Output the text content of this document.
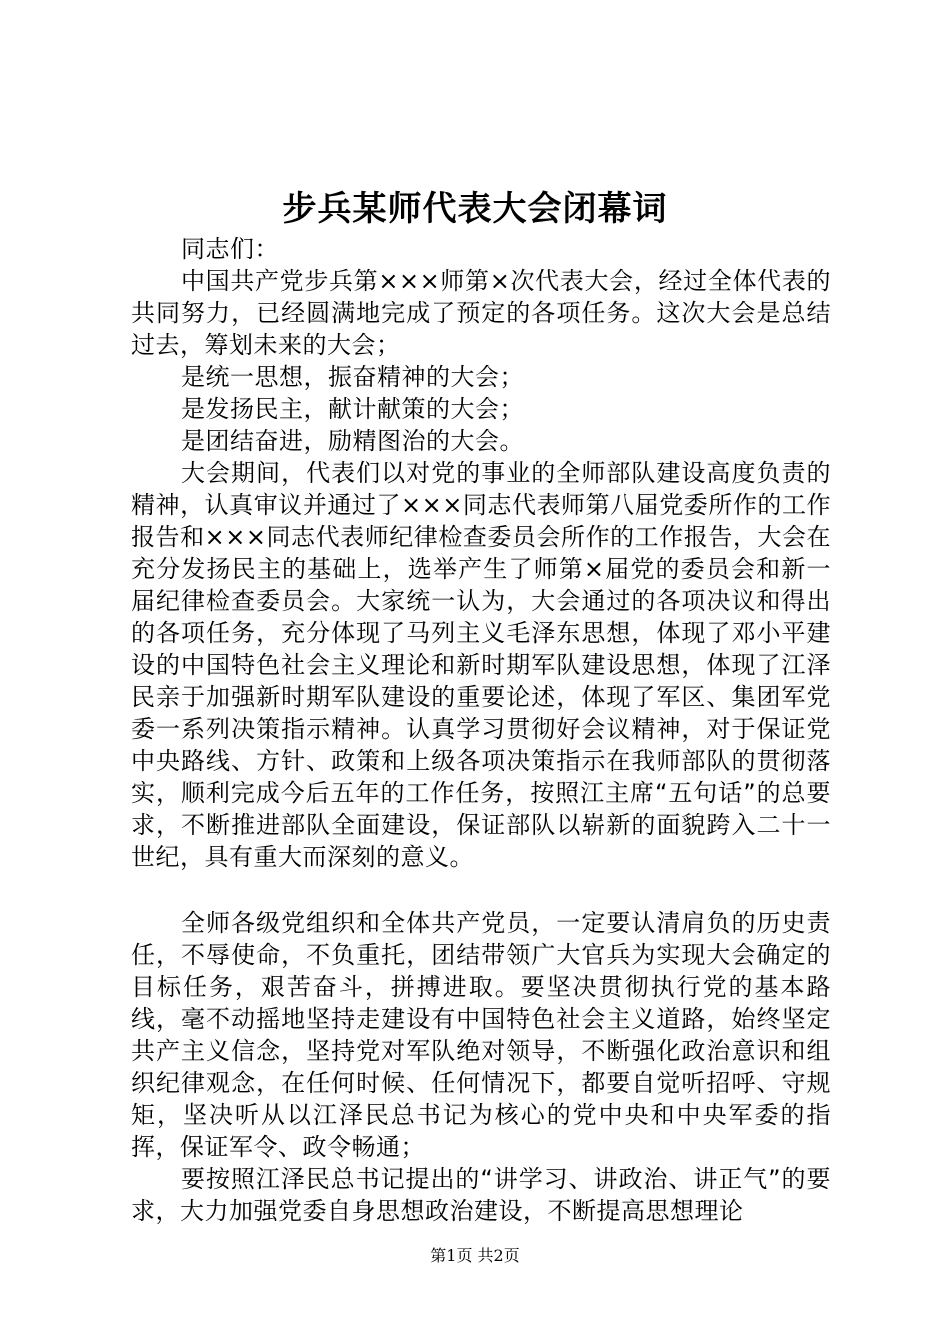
步兵某师代表大会闭幕词

同志们：

中国共产党步兵第×××师第×次代表大会，经过全体代表的共同努力，已经圆满地完成了预定的各项任务。这次大会是总结过去，筹划未来的大会；

是统一思想，振奋精神的大会；

是发扬民主，献计献策的大会；

是团结奋进，励精图治的大会。

大会期间，代表们以对党的事业的全师部队建设高度负责的精神，认真审议并通过了×××同志代表师第八届党委所作的工作报告和×××同志代表师纪律检查委员会所作的工作报告，大会在充分发扬民主的基础上，选举产生了师第×届党的委员会和新一届纪律检查委员会。大家统一认为，大会通过的各项决议和得出的各项任务，充分体现了马列主义毛泽东思想，体现了邓小平建设的中国特色社会主义理论和新时期军队建设思想，体现了江泽民亲于加强新时期军队建设的重要论述，体现了军区、集团军党委一系列决策指示精神。认真学习贯彻好会议精神，对于保证党中央路线、方针、政策和上级各项决策指示在我师部队的贯彻落实，顺利完成今后五年的工作任务，按照江主席“五句话”的总要求，不断推进部队全面建设，保证部队以崭新的面貌跨入二十一世纪，具有重大而深刻的意义。

全师各级党组织和全体共产党员，一定要认清肩负的历史责任，不辱使命，不负重托，团结带领广大官兵为实现大会确定的目标任务，艰苦奋斗，拼搏进取。要坚决贯彻执行党的基本路线，毫不动摇地坚持走建设有中国特色社会主义道路，始终坚定共产主义信念，坚持党对军队绝对领导，不断强化政治意识和组织纪律观念，在任何时候、任何情况下，都要自觉听招呼、守规矩，坚决听从以江泽民总书记为核心的党中央和中央军委的指挥，保证军令、政令畅通；

要按照江泽民总书记提出的“讲学习、讲政治、讲正气”的要求，大力加强党委自身思想政治建设，不断提高思想理论

第1页 共2页
